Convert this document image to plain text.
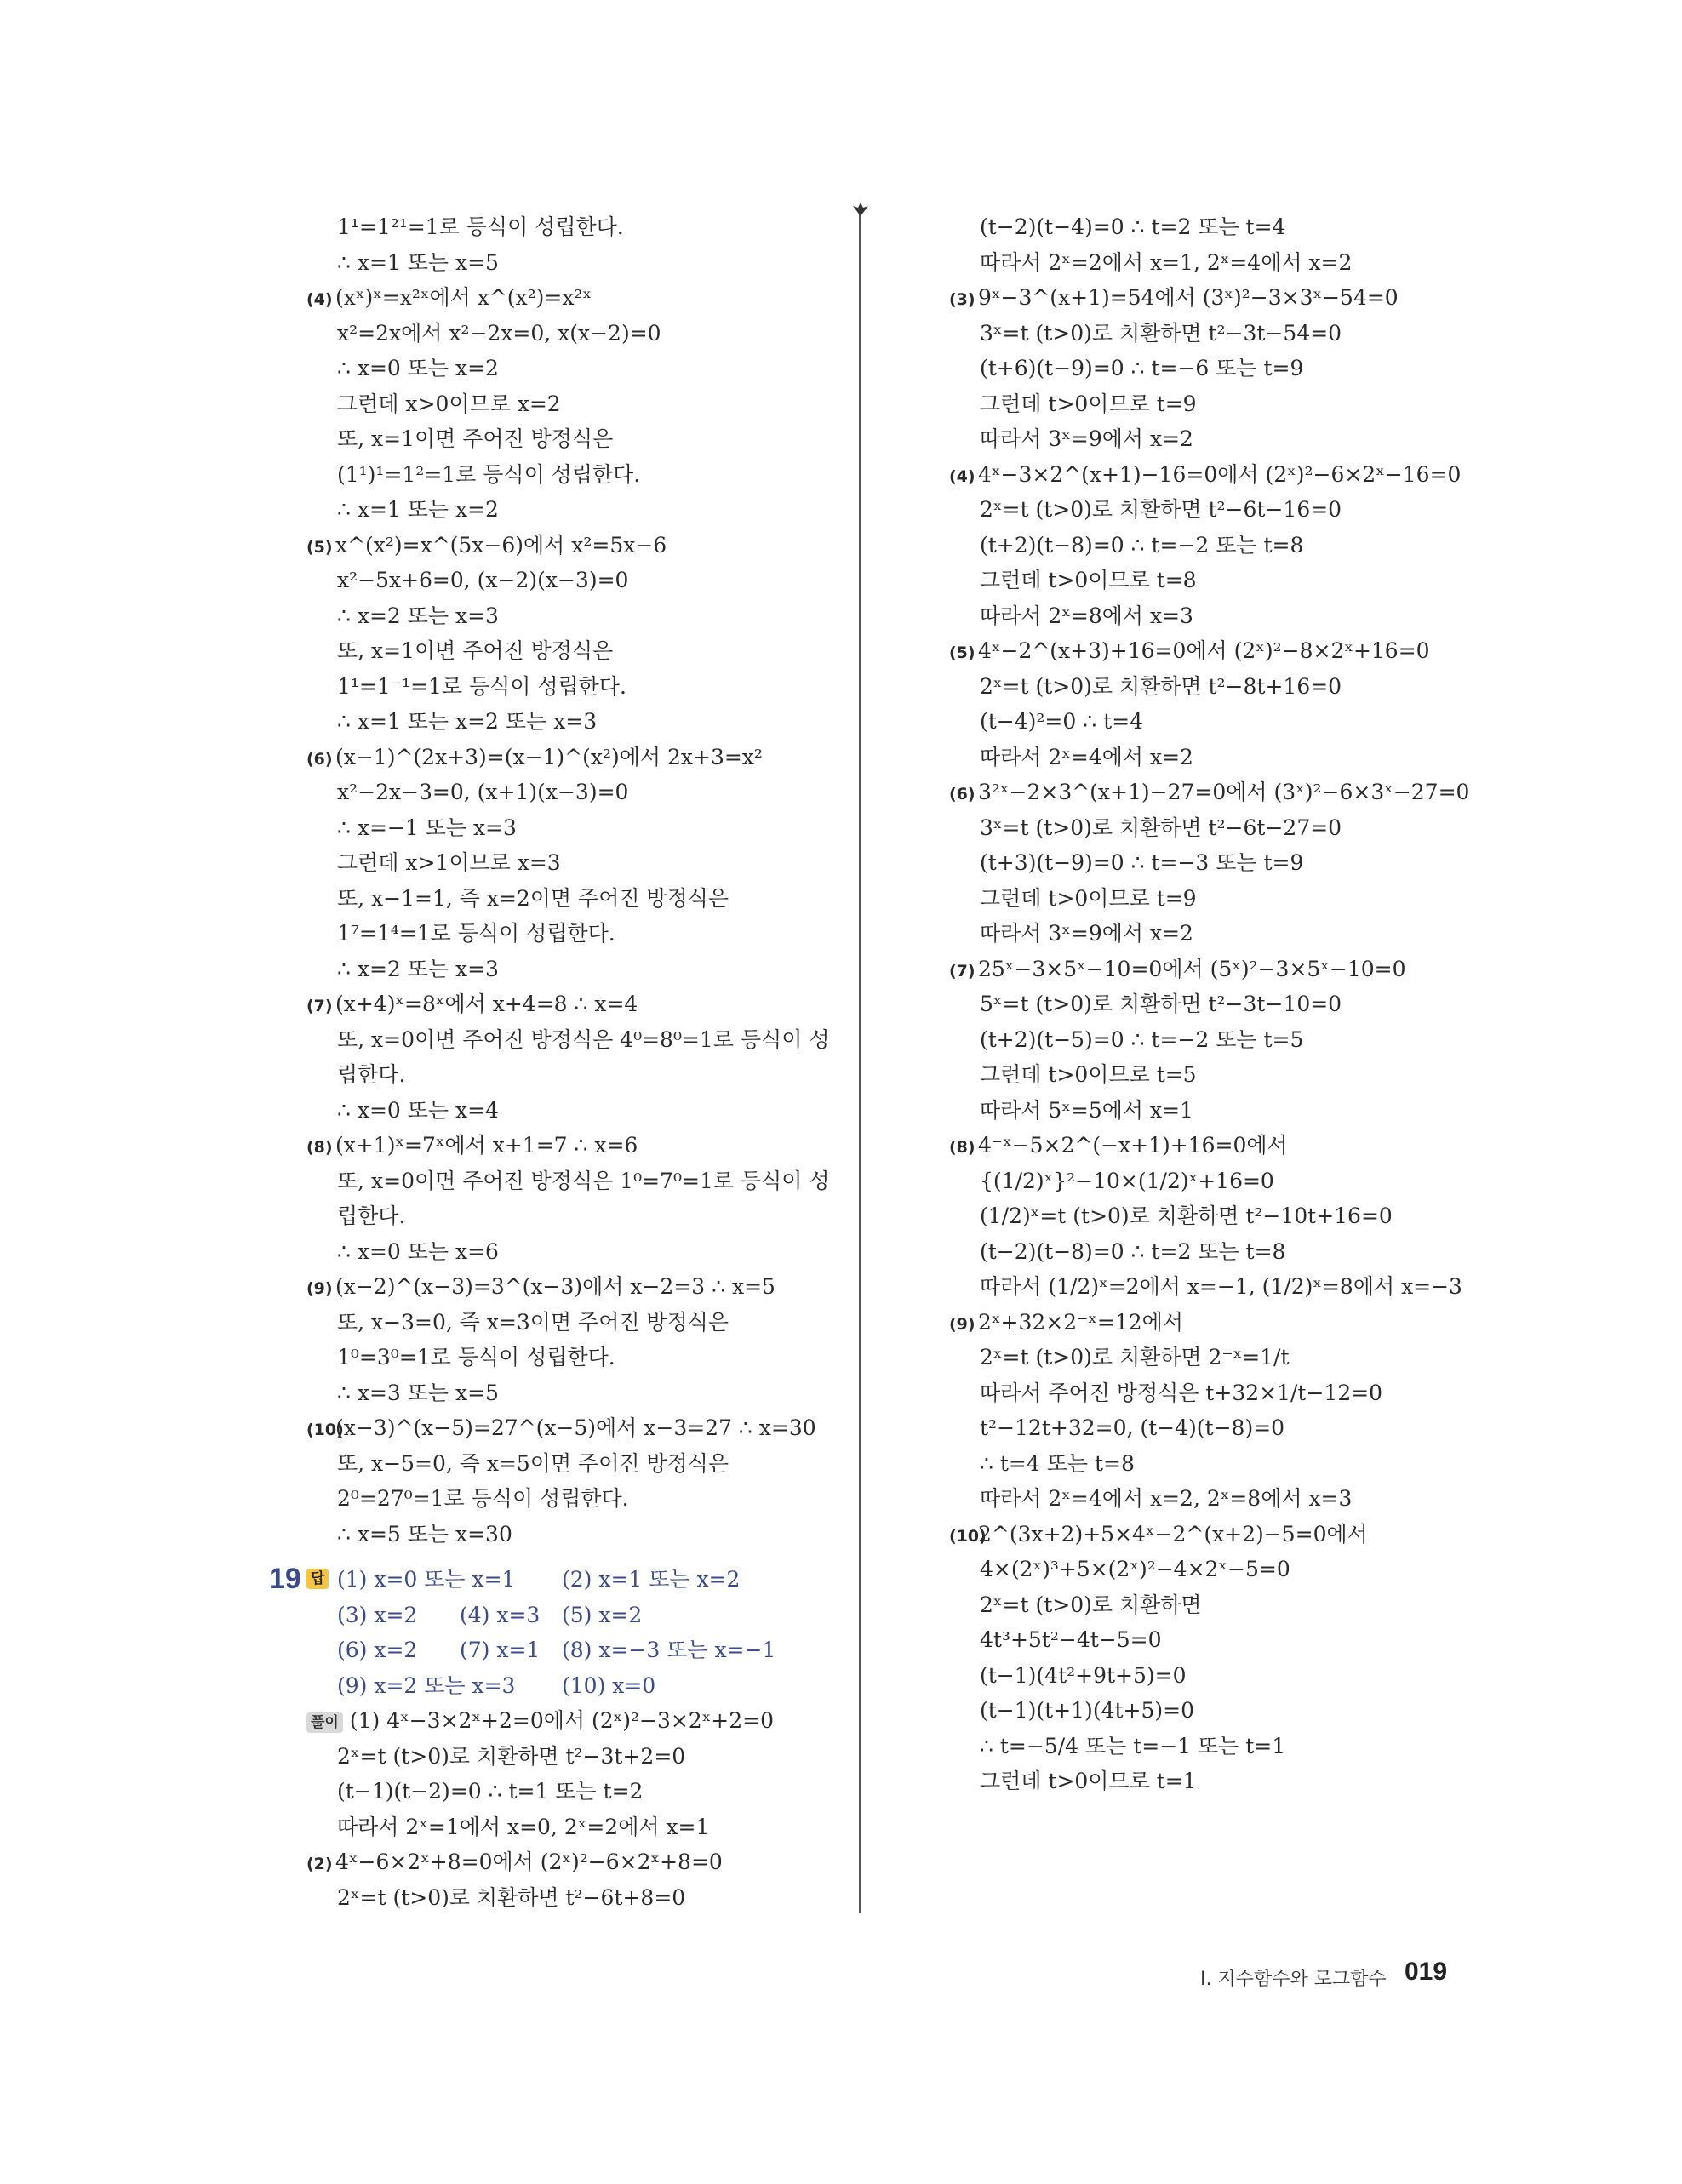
1¹=1²¹=1로 등식이 성립한다.
∴ x=1 또는 x=5
(4) (xˣ)ˣ=x²ˣ에서 x^(x²)=x²ˣ
x²=2x에서 x²−2x=0, x(x−2)=0
∴ x=0 또는 x=2
그런데 x>0이므로 x=2
또, x=1이면 주어진 방정식은
(1¹)¹=1²=1로 등식이 성립한다.
∴ x=1 또는 x=2
(5) x^(x²)=x^(5x−6)에서 x²=5x−6
x²−5x+6=0, (x−2)(x−3)=0
∴ x=2 또는 x=3
또, x=1이면 주어진 방정식은
1¹=1⁻¹=1로 등식이 성립한다.
∴ x=1 또는 x=2 또는 x=3
(6) (x−1)^(2x+3)=(x−1)^(x²)에서 2x+3=x²
x²−2x−3=0, (x+1)(x−3)=0
∴ x=−1 또는 x=3
그런데 x>1이므로 x=3
또, x−1=1, 즉 x=2이면 주어진 방정식은
1⁷=1⁴=1로 등식이 성립한다.
∴ x=2 또는 x=3
(7) (x+4)ˣ=8ˣ에서 x+4=8 ∴ x=4
또, x=0이면 주어진 방정식은 4⁰=8⁰=1로 등식이 성
립한다.
∴ x=0 또는 x=4
(8) (x+1)ˣ=7ˣ에서 x+1=7 ∴ x=6
또, x=0이면 주어진 방정식은 1⁰=7⁰=1로 등식이 성
립한다.
∴ x=0 또는 x=6
(9) (x−2)^(x−3)=3^(x−3)에서 x−2=3 ∴ x=5
또, x−3=0, 즉 x=3이면 주어진 방정식은
1⁰=3⁰=1로 등식이 성립한다.
∴ x=3 또는 x=5
(10)(x−3)^(x−5)=27^(x−5)에서 x−3=27 ∴ x=30
또, x−5=0, 즉 x=5이면 주어진 방정식은
2⁰=27⁰=1로 등식이 성립한다.
∴ x=5 또는 x=30
19 답 (1) x=0 또는 x=1 (2) x=1 또는 x=2
(3) x=2 (4) x=3 (5) x=2
(6) x=2 (7) x=1 (8) x=−3 또는 x=−1
(9) x=2 또는 x=3 (10) x=0
풀이 (1) 4ˣ−3×2ˣ+2=0에서 (2ˣ)²−3×2ˣ+2=0
2ˣ=t (t>0)로 치환하면 t²−3t+2=0
(t−1)(t−2)=0 ∴ t=1 또는 t=2
따라서 2ˣ=1에서 x=0, 2ˣ=2에서 x=1
(2) 4ˣ−6×2ˣ+8=0에서 (2ˣ)²−6×2ˣ+8=0
2ˣ=t (t>0)로 치환하면 t²−6t+8=0
(t−2)(t−4)=0 ∴ t=2 또는 t=4
따라서 2ˣ=2에서 x=1, 2ˣ=4에서 x=2
(3) 9ˣ−3^(x+1)=54에서 (3ˣ)²−3×3ˣ−54=0
3ˣ=t (t>0)로 치환하면 t²−3t−54=0
(t+6)(t−9)=0 ∴ t=−6 또는 t=9
그런데 t>0이므로 t=9
따라서 3ˣ=9에서 x=2
(4) 4ˣ−3×2^(x+1)−16=0에서 (2ˣ)²−6×2ˣ−16=0
2ˣ=t (t>0)로 치환하면 t²−6t−16=0
(t+2)(t−8)=0 ∴ t=−2 또는 t=8
그런데 t>0이므로 t=8
따라서 2ˣ=8에서 x=3
(5) 4ˣ−2^(x+3)+16=0에서 (2ˣ)²−8×2ˣ+16=0
2ˣ=t (t>0)로 치환하면 t²−8t+16=0
(t−4)²=0 ∴ t=4
따라서 2ˣ=4에서 x=2
(6) 3²ˣ−2×3^(x+1)−27=0에서 (3ˣ)²−6×3ˣ−27=0
3ˣ=t (t>0)로 치환하면 t²−6t−27=0
(t+3)(t−9)=0 ∴ t=−3 또는 t=9
그런데 t>0이므로 t=9
따라서 3ˣ=9에서 x=2
(7) 25ˣ−3×5ˣ−10=0에서 (5ˣ)²−3×5ˣ−10=0
5ˣ=t (t>0)로 치환하면 t²−3t−10=0
(t+2)(t−5)=0 ∴ t=−2 또는 t=5
그런데 t>0이므로 t=5
따라서 5ˣ=5에서 x=1
(8) 4⁻ˣ−5×2^(−x+1)+16=0에서
{(1/2)ˣ}²−10×(1/2)ˣ+16=0
(1/2)ˣ=t (t>0)로 치환하면 t²−10t+16=0
(t−2)(t−8)=0 ∴ t=2 또는 t=8
따라서 (1/2)ˣ=2에서 x=−1, (1/2)ˣ=8에서 x=−3
(9) 2ˣ+32×2⁻ˣ=12에서
2ˣ=t (t>0)로 치환하면 2⁻ˣ=1/t
따라서 주어진 방정식은 t+32×1/t−12=0
t²−12t+32=0, (t−4)(t−8)=0
∴ t=4 또는 t=8
따라서 2ˣ=4에서 x=2, 2ˣ=8에서 x=3
(10)2^(3x+2)+5×4ˣ−2^(x+2)−5=0에서
4×(2ˣ)³+5×(2ˣ)²−4×2ˣ−5=0
2ˣ=t (t>0)로 치환하면
4t³+5t²−4t−5=0
(t−1)(4t²+9t+5)=0
(t−1)(t+1)(4t+5)=0
∴ t=−5/4 또는 t=−1 또는 t=1
그런데 t>0이므로 t=1
Ⅰ. 지수함수와 로그함수 019
